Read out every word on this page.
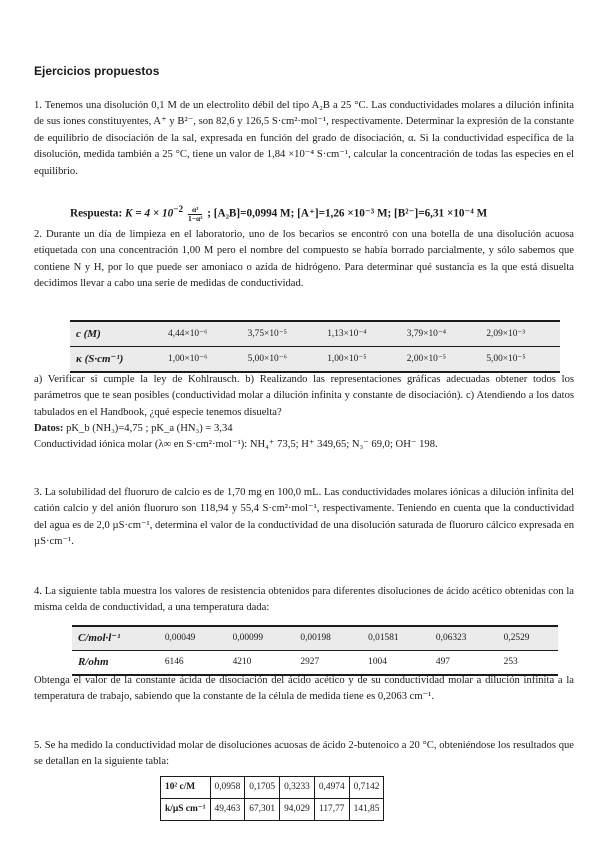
Ejercicios propuestos

1. Tenemos una disolución 0,1 M de un electrolito débil del tipo A₂B a 25 °C. Las conductividades molares a dilución infinita de sus iones constituyentes, A⁺ y B²⁻, son 82,6 y 126,5 S·cm²·mol⁻¹, respectivamente. Determinar la expresión de la constante de equilibrio de disociación de la sal, expresada en función del grado de disociación, α. Si la conductividad específica de la disolución, medida también a 25 °C, tiene un valor de 1,84 ×10⁻⁴ S·cm⁻¹, calcular la concentración de todas las especies en el equilibrio.

Respuesta: $K = 4 \times 10^{-2} \frac{\text{α³}}{\text{1−α²}}$ ; [A₂B]=0,0994 M; [A⁺]=1,26 ×10⁻³ M; [B²⁻]=6,31 ×10⁻⁴ M

2. Durante un día de limpieza en el laboratorio, uno de los becarios se encontró con una botella de una disolución acuosa etiquetada con una concentración 1,00 M pero el nombre del compuesto se había borrado parcialmente, y sólo sabemos que contiene N y H, por lo que puede ser amoniaco o azida de hidrógeno. Para determinar qué sustancia es la que está disuelta decidimos llevar a cabo una serie de medidas de conductividad.

c (M)	4,44×10⁻⁶	3,75×10⁻⁵	1,13×10⁻⁴	3,79×10⁻⁴	2,09×10⁻³
κ (S·cm⁻¹)	1,00×10⁻⁶	5,00×10⁻⁶	1,00×10⁻⁵	2,00×10⁻⁵	5,00×10⁻⁵

a) Verificar si cumple la ley de Kohlrausch. b) Realizando las representaciones gráficas adecuadas obtener todos los parámetros que te sean posibles (conductividad molar a dilución infinita y constante de disociación). c) Atendiendo a los datos tabulados en el Handbook, ¿qué especie tenemos disuelta?

Datos: pK_b (NH₃)=4,75 ; pK_a (HN₃) = 3,34

Conductividad iónica molar (λ∞ en S·cm²·mol⁻¹): NH₄⁺ 73,5; H⁺ 349,65; N₃⁻ 69,0; OH⁻ 198.

3. La solubilidad del fluoruro de calcio es de 1,70 mg en 100,0 mL. Las conductividades molares iónicas a dilución infinita del catión calcio y del anión fluoruro son 118,94 y 55,4 S·cm²·mol⁻¹, respectivamente. Teniendo en cuenta que la conductividad del agua es de 2,0 µS·cm⁻¹, determina el valor de la conductividad de una disolución saturada de fluoruro cálcico expresada en µS·cm⁻¹.

4. La siguiente tabla muestra los valores de resistencia obtenidos para diferentes disoluciones de ácido acético obtenidas con la misma celda de conductividad, a una temperatura dada:

C/mol·l⁻¹	0,00049	0,00099	0,00198	0,01581	0,06323	0,2529
R/ohm	6146	4210	2927	1004	497	253

Obtenga el valor de la constante ácida de disociación del ácido acético y de su conductividad molar a dilución infinita a la temperatura de trabajo, sabiendo que la constante de la célula de medida tiene es 0,2063 cm⁻¹.

5. Se ha medido la conductividad molar de disoluciones acuosas de ácido 2-butenoico a 20 °C, obteniéndose los resultados que se detallan en la siguiente tabla:

10² c/M	0,0958	0,1705	0,3233	0,4974	0,7142
k/µS cm⁻¹	49,463	67,301	94,029	117,77	141,85
